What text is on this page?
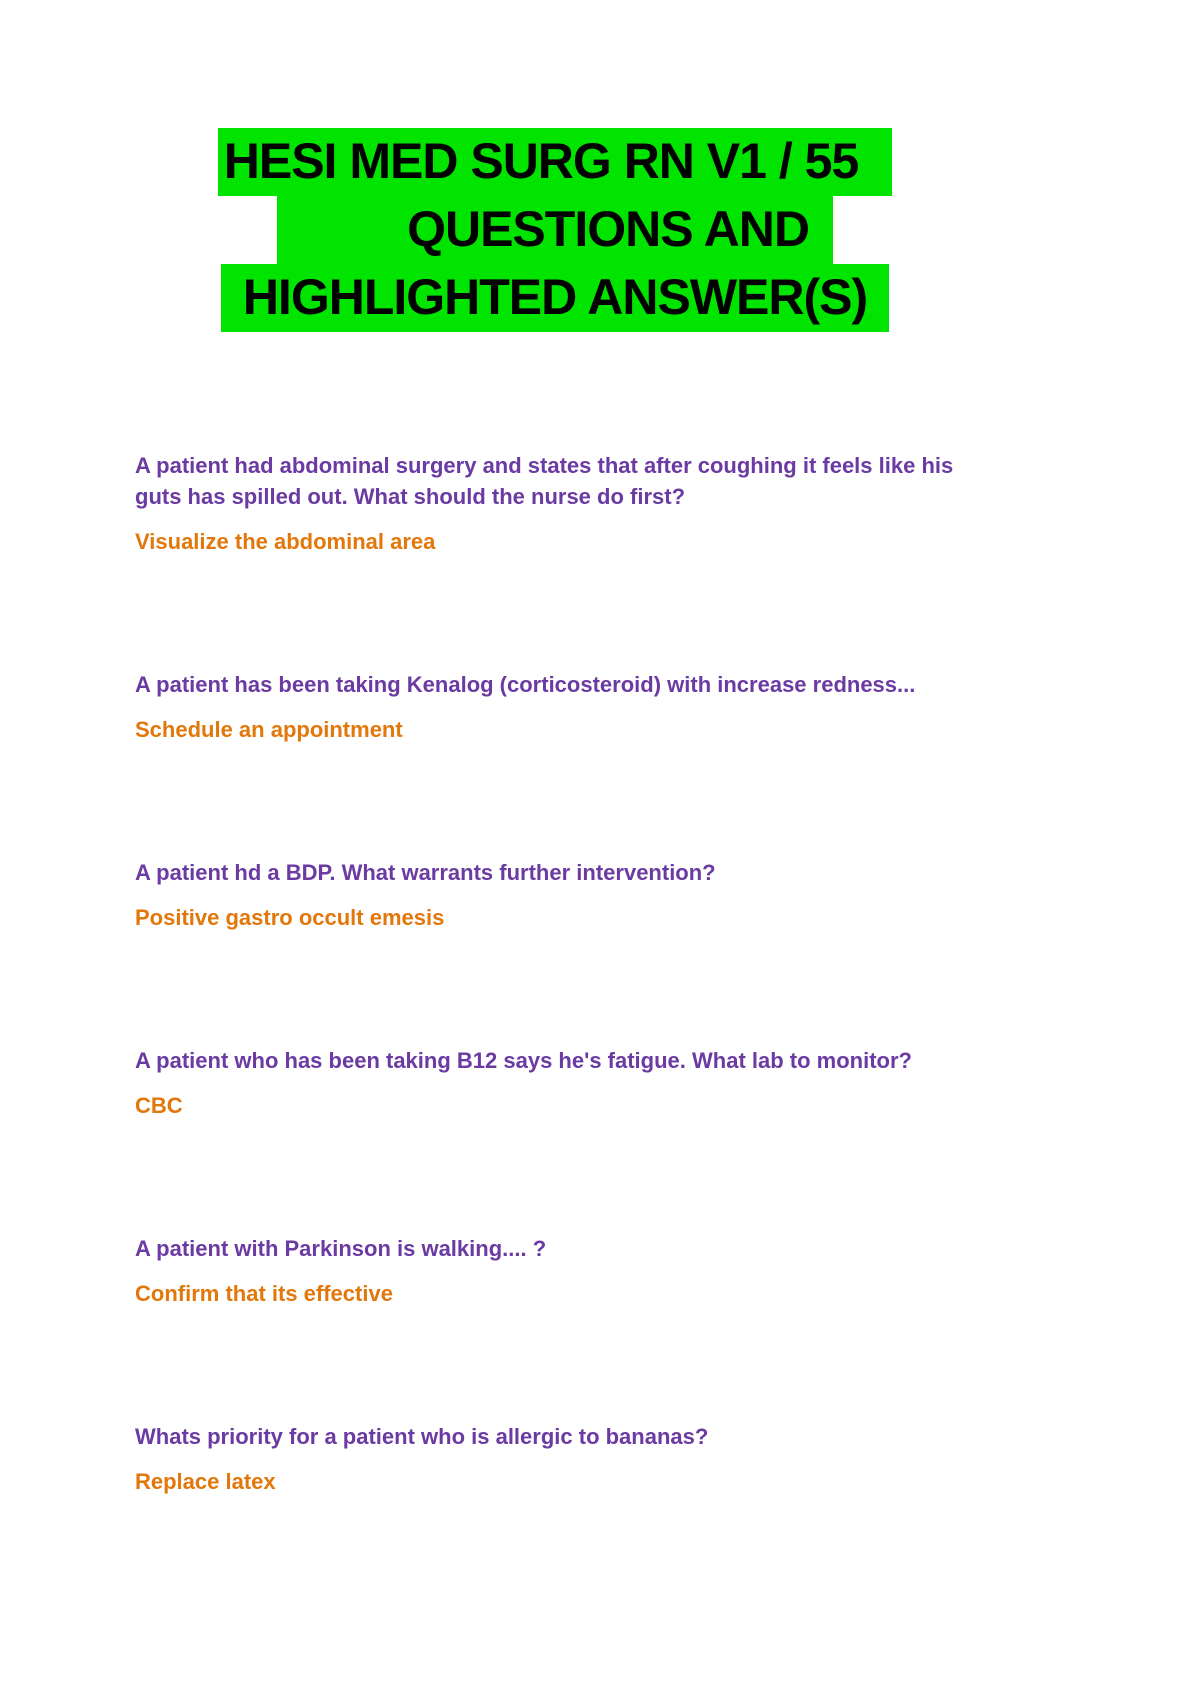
HESI MED SURG RN V1 / 55
QUESTIONS AND
HIGHLIGHTED ANSWER(S)

A patient had abdominal surgery and states that after coughing it feels like his guts has spilled out. What should the nurse do first?

Visualize the abdominal area

A patient has been taking Kenalog (corticosteroid) with increase redness...

Schedule an appointment

A patient hd a BDP. What warrants further intervention?

Positive gastro occult emesis

A patient who has been taking B12 says he's fatigue. What lab to monitor?

CBC

A patient with Parkinson is walking.... ?

Confirm that its effective

Whats priority for a patient who is allergic to bananas?

Replace latex
